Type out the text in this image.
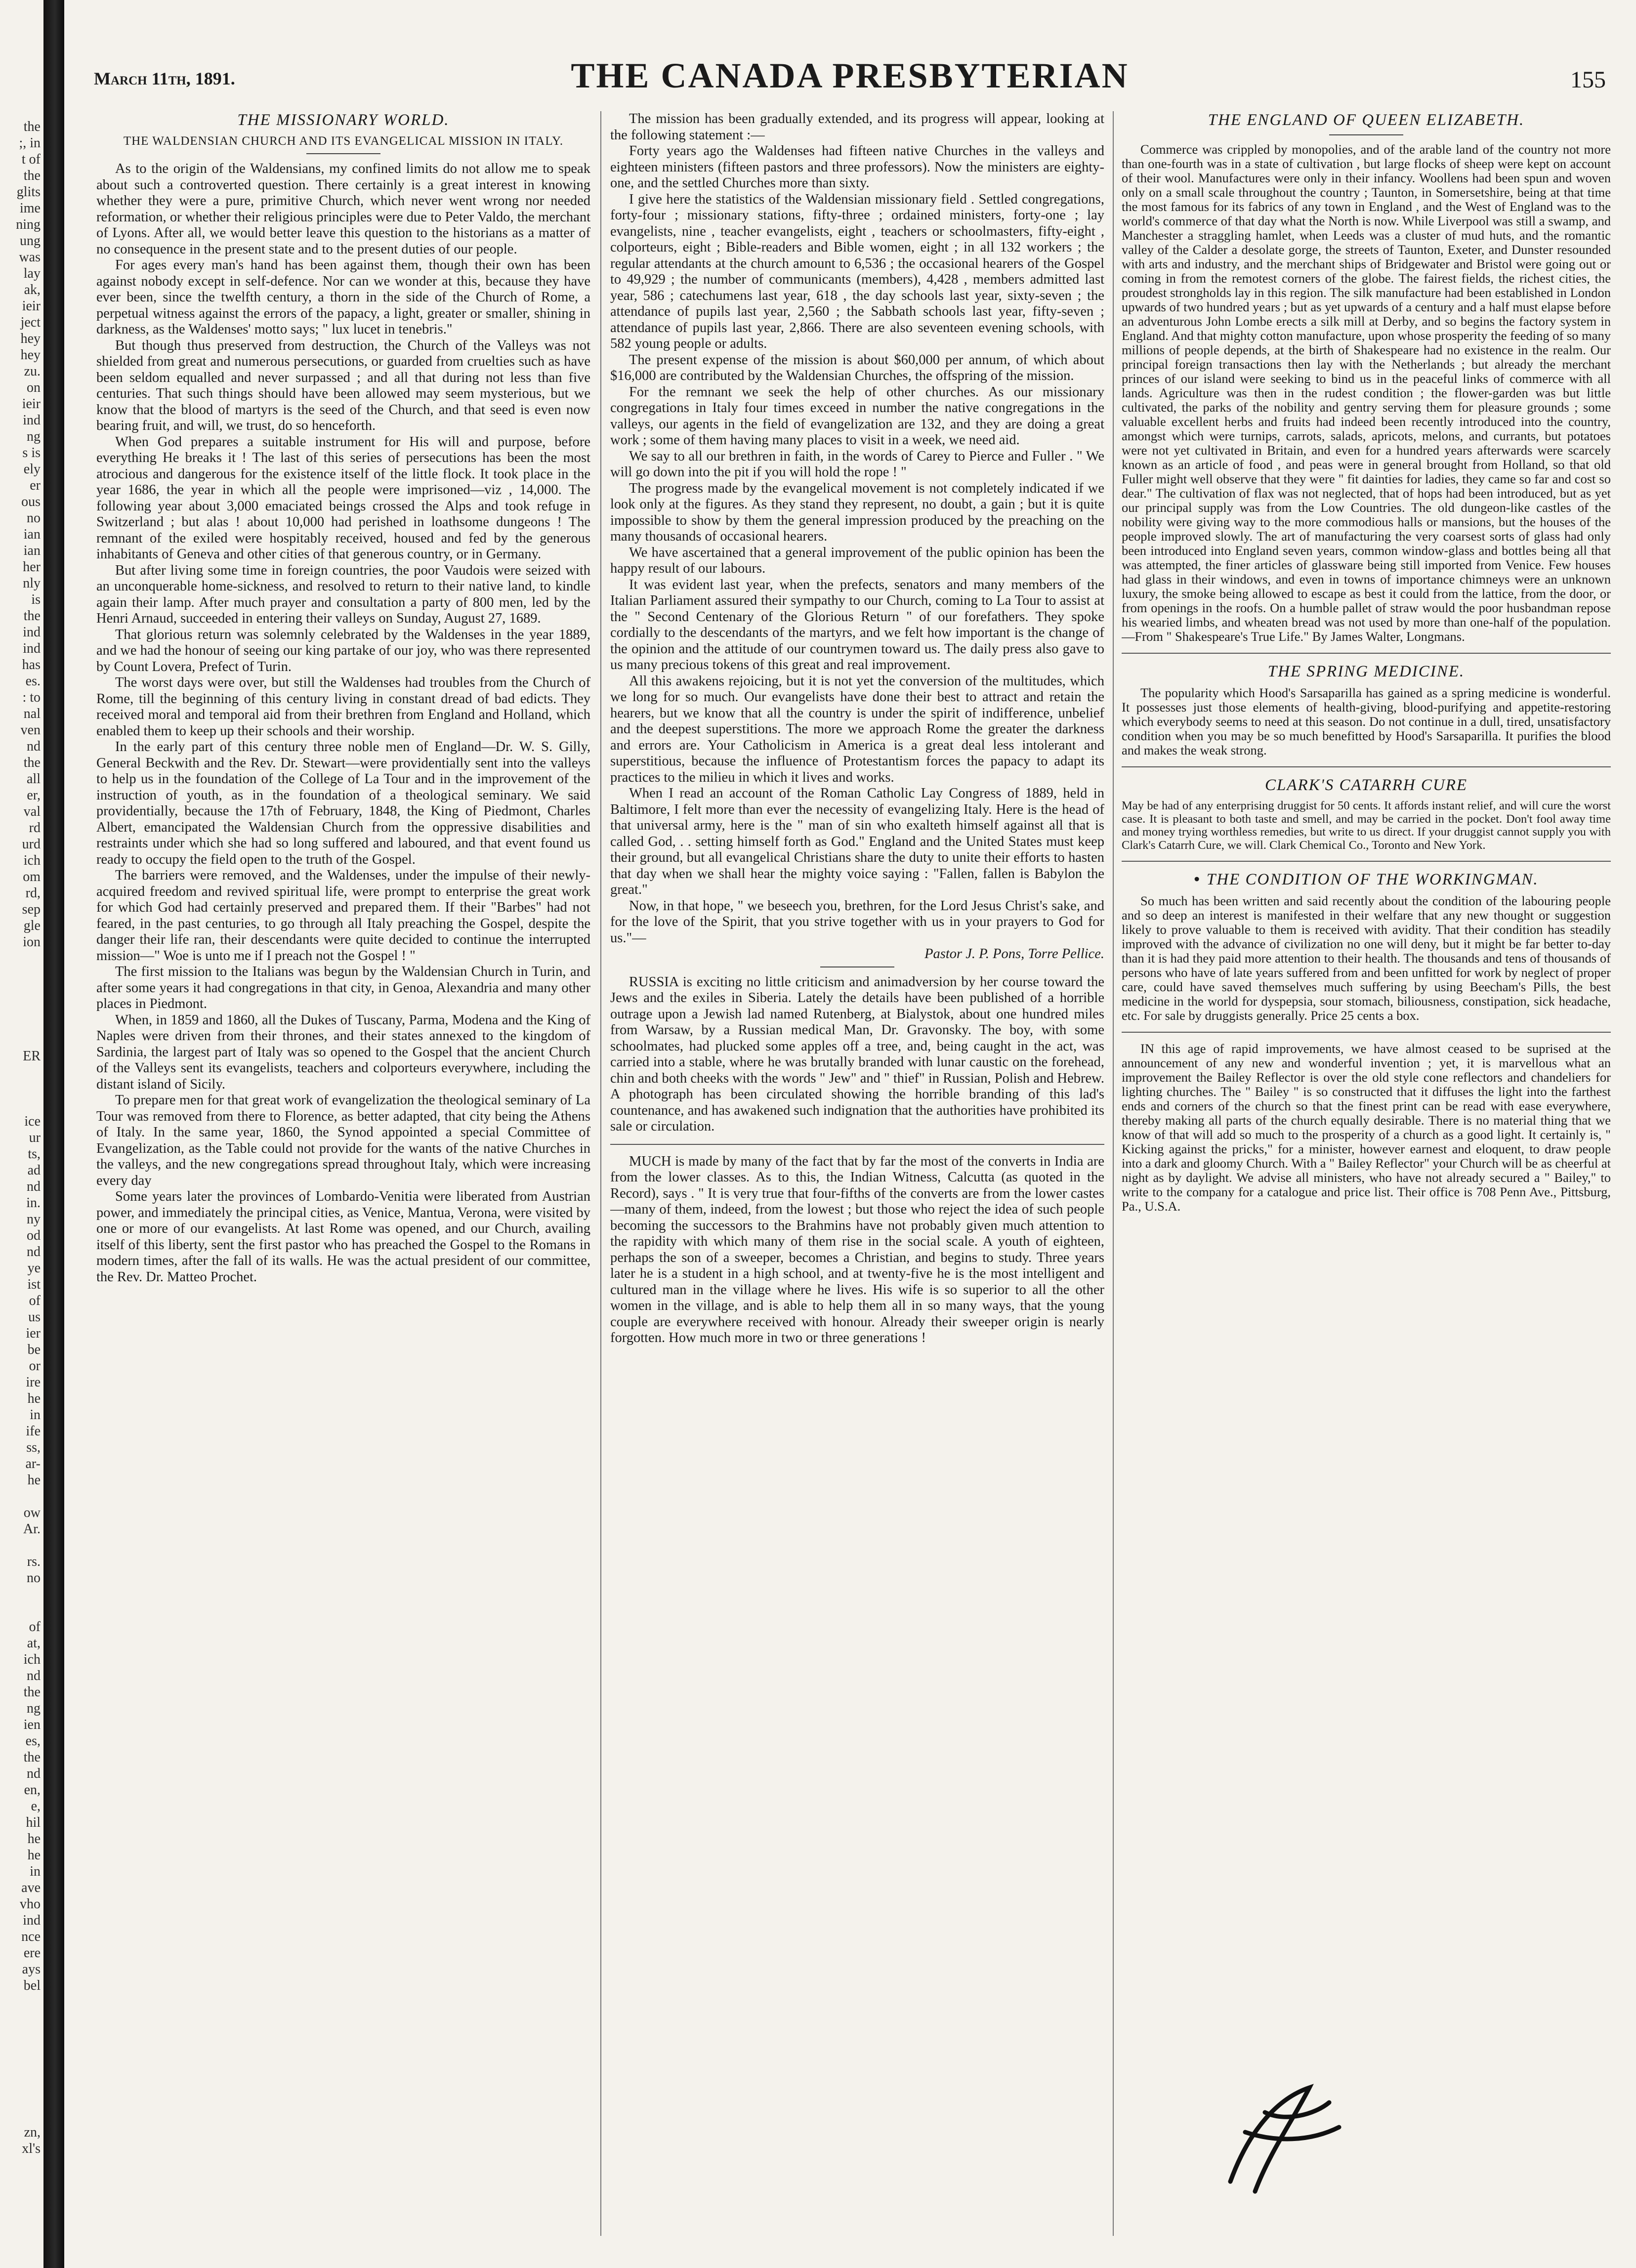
the
;, in
t of
the
glits
ime
ning
ung
was
lay
ak,
ieir
ject
hey
hey
zu.
on
ieir
ind
ng
s is
ely
er
ous
no
ian
ian
her
nly
is
the
ind
ind
has
es.
: to
nal
ven
nd
the
all
er,
val
rd
urd
ich
om
rd,
sep
gle
ion

ER

ice
ur
ts,
ad
nd
in.
ny
od
nd
ye
ist
of
us
ier
be
or
ire
he
in
ife
ss,
ar-
he

ow
Ar.

rs.
no

of
at,
ich
nd
the
ng
ien
es,
the
nd
en,
e,
hil
he
he
in
ave
vho
ind
nce
ere
ays
bel

zn,
xl's
March 11th, 1891.	THE CANADA PRESBYTERIAN	155
THE MISSIONARY WORLD.
THE WALDENSIAN CHURCH AND ITS EVANGELICAL MISSION IN ITALY.

As to the origin of the Waldensians, my confined limits do not allow me to speak about such a controverted question. There certainly is a great interest in knowing whether they were a pure, primitive Church, which never went wrong nor needed reformation, or whether their religious principles were due to Peter Valdo, the merchant of Lyons. After all, we would better leave this question to the historians as a matter of no consequence in the present state and to the present duties of our people.

For ages every man's hand has been against them, though their own has been against nobody except in self-defence. Nor can we wonder at this, because they have ever been, since the twelfth century, a thorn in the side of the Church of Rome, a perpetual witness against the errors of the papacy, a light, greater or smaller, shining in darkness, as the Waldenses' motto says; " lux lucet in tenebris."

But though thus preserved from destruction, the Church of the Valleys was not shielded from great and numerous persecutions, or guarded from cruelties such as have been seldom equalled and never surpassed ; and all that during not less than five centuries. That such things should have been allowed may seem mysterious, but we know that the blood of martyrs is the seed of the Church, and that seed is even now bearing fruit, and will, we trust, do so henceforth.

When God prepares a suitable instrument for His will and purpose, before everything He breaks it ! The last of this series of persecutions has been the most atrocious and dangerous for the existence itself of the little flock. It took place in the year 1686, the year in which all the people were imprisoned—viz , 14,000. The following year about 3,000 emaciated beings crossed the Alps and took refuge in Switzerland ; but alas ! about 10,000 had perished in loathsome dungeons ! The remnant of the exiled were hospitably received, housed and fed by the generous inhabitants of Geneva and other cities of that generous country, or in Germany.

But after living some time in foreign countries, the poor Vaudois were seized with an unconquerable home-sickness, and resolved to return to their native land, to kindle again their lamp. After much prayer and consultation a party of 800 men, led by the Henri Arnaud, succeeded in entering their valleys on Sunday, August 27, 1689.

That glorious return was solemnly celebrated by the Waldenses in the year 1889, and we had the honour of seeing our king partake of our joy, who was there represented by Count Lovera, Prefect of Turin.

The worst days were over, but still the Waldenses had troubles from the Church of Rome, till the beginning of this century living in constant dread of bad edicts. They received moral and temporal aid from their brethren from England and Holland, which enabled them to keep up their schools and their worship.

In the early part of this century three noble men of England—Dr. W. S. Gilly, General Beckwith and the Rev. Dr. Stewart—were providentially sent into the valleys to help us in the foundation of the College of La Tour and in the improvement of the instruction of youth, as in the foundation of a theological seminary. We said providentially, because the 17th of February, 1848, the King of Piedmont, Charles Albert, emancipated the Waldensian Church from the oppressive disabilities and restraints under which she had so long suffered and laboured, and that event found us ready to occupy the field open to the truth of the Gospel.

The barriers were removed, and the Waldenses, under the impulse of their newly-acquired freedom and revived spiritual life, were prompt to enterprise the great work for which God had certainly preserved and prepared them. If their "Barbes" had not feared, in the past centuries, to go through all Italy preaching the Gospel, despite the danger their life ran, their descendants were quite decided to continue the interrupted mission—" Woe is unto me if I preach not the Gospel ! "

The first mission to the Italians was begun by the Waldensian Church in Turin, and after some years it had congregations in that city, in Genoa, Alexandria and many other places in Piedmont.

When, in 1859 and 1860, all the Dukes of Tuscany, Parma, Modena and the King of Naples were driven from their thrones, and their states annexed to the kingdom of Sardinia, the largest part of Italy was so opened to the Gospel that the ancient Church of the Valleys sent its evangelists, teachers and colporteurs everywhere, including the distant island of Sicily.

To prepare men for that great work of evangelization the theological seminary of La Tour was removed from there to Florence, as better adapted, that city being the Athens of Italy. In the same year, 1860, the Synod appointed a special Committee of Evangelization, as the Table could not provide for the wants of the native Churches in the valleys, and the new congregations spread throughout Italy, which were increasing every day

Some years later the provinces of Lombardo-Venitia were liberated from Austrian power, and immediately the principal cities, as Venice, Mantua, Verona, were visited by one or more of our evangelists. At last Rome was opened, and our Church, availing itself of this liberty, sent the first pastor who has preached the Gospel to the Romans in modern times, after the fall of its walls. He was the actual president of our committee, the Rev. Dr. Matteo Prochet.

The mission has been gradually extended, and its progress will appear, looking at the following statement :—

Forty years ago the Waldenses had fifteen native Churches in the valleys and eighteen ministers (fifteen pastors and three professors). Now the ministers are eighty-one, and the settled Churches more than sixty.

I give here the statistics of the Waldensian missionary field . Settled congregations, forty-four ; missionary stations, fifty-three ; ordained ministers, forty-one ; lay evangelists, nine , teacher evangelists, eight , teachers or schoolmasters, fifty-eight , colporteurs, eight ; Bible-readers and Bible women, eight ; in all 132 workers ; the regular attendants at the church amount to 6,536 ; the occasional hearers of the Gospel to 49,929 ; the number of communicants (members), 4,428 , members admitted last year, 586 ; catechumens last year, 618 , the day schools last year, sixty-seven ; the attendance of pupils last year, 2,560 ; the Sabbath schools last year, fifty-seven ; attendance of pupils last year, 2,866. There are also seventeen evening schools, with 582 young people or adults.

The present expense of the mission is about $60,000 per annum, of which about $16,000 are contributed by the Waldensian Churches, the offspring of the mission.

For the remnant we seek the help of other churches. As our missionary congregations in Italy four times exceed in number the native congregations in the valleys, our agents in the field of evangelization are 132, and they are doing a great work ; some of them having many places to visit in a week, we need aid.

We say to all our brethren in faith, in the words of Carey to Pierce and Fuller . " We will go down into the pit if you will hold the rope ! "

The progress made by the evangelical movement is not completely indicated if we look only at the figures. As they stand they represent, no doubt, a gain ; but it is quite impossible to show by them the general impression produced by the preaching on the many thousands of occasional hearers.

We have ascertained that a general improvement of the public opinion has been the happy result of our labours.

It was evident last year, when the prefects, senators and many members of the Italian Parliament assured their sympathy to our Church, coming to La Tour to assist at the " Second Centenary of the Glorious Return " of our forefathers. They spoke cordially to the descendants of the martyrs, and we felt how important is the change of the opinion and the attitude of our countrymen toward us. The daily press also gave to us many precious tokens of this great and real improvement.

All this awakens rejoicing, but it is not yet the conversion of the multitudes, which we long for so much. Our evangelists have done their best to attract and retain the hearers, but we know that all the country is under the spirit of indifference, unbelief and the deepest superstitions. The more we approach Rome the greater the darkness and errors are. Your Catholicism in America is a great deal less intolerant and superstitious, because the influence of Protestantism forces the papacy to adapt its practices to the milieu in which it lives and works.

When I read an account of the Roman Catholic Lay Congress of 1889, held in Baltimore, I felt more than ever the necessity of evangelizing Italy. Here is the head of that universal army, here is the " man of sin who exalteth himself against all that is called God, . . setting himself forth as God." England and the United States must keep their ground, but all evangelical Christians share the duty to unite their efforts to hasten that day when we shall hear the mighty voice saying : "Fallen, fallen is Babylon the great."

Now, in that hope, " we beseech you, brethren, for the Lord Jesus Christ's sake, and for the love of the Spirit, that you strive together with us in your prayers to God for us."—

Pastor J. P. Pons, Torre Pellice.

RUSSIA is exciting no little criticism and animadversion by her course toward the Jews and the exiles in Siberia. Lately the details have been published of a horrible outrage upon a Jewish lad named Rutenberg, at Bialystok, about one hundred miles from Warsaw, by a Russian medical Man, Dr. Gravonsky. The boy, with some schoolmates, had plucked some apples off a tree, and, being caught in the act, was carried into a stable, where he was brutally branded with lunar caustic on the forehead, chin and both cheeks with the words " Jew" and " thief" in Russian, Polish and Hebrew. A photograph has been circulated showing the horrible branding of this lad's countenance, and has awakened such indignation that the authorities have prohibited its sale or circulation.

MUCH is made by many of the fact that by far the most of the converts in India are from the lower classes. As to this, the Indian Witness, Calcutta (as quoted in the Record), says . " It is very true that four-fifths of the converts are from the lower castes—many of them, indeed, from the lowest ; but those who reject the idea of such people becoming the successors to the Brahmins have not probably given much attention to the rapidity with which many of them rise in the social scale. A youth of eighteen, perhaps the son of a sweeper, becomes a Christian, and begins to study. Three years later he is a student in a high school, and at twenty-five he is the most intelligent and cultured man in the village where he lives. His wife is so superior to all the other women in the village, and is able to help them all in so many ways, that the young couple are everywhere received with honour. Already their sweeper origin is nearly forgotten. How much more in two or three generations !

THE ENGLAND OF QUEEN ELIZABETH.

Commerce was crippled by monopolies, and of the arable land of the country not more than one-fourth was in a state of cultivation , but large flocks of sheep were kept on account of their wool. Manufactures were only in their infancy. Woollens had been spun and woven only on a small scale throughout the country ; Taunton, in Somersetshire, being at that time the most famous for its fabrics of any town in England , and the West of England was to the world's commerce of that day what the North is now. While Liverpool was still a swamp, and Manchester a straggling hamlet, when Leeds was a cluster of mud huts, and the romantic valley of the Calder a desolate gorge, the streets of Taunton, Exeter, and Dunster resounded with arts and industry, and the merchant ships of Bridgewater and Bristol were going out or coming in from the remotest corners of the globe. The fairest fields, the richest cities, the proudest strongholds lay in this region. The silk manufacture had been established in London upwards of two hundred years ; but as yet upwards of a century and a half must elapse before an adventurous John Lombe erects a silk mill at Derby, and so begins the factory system in England. And that mighty cotton manufacture, upon whose prosperity the feeding of so many millions of people depends, at the birth of Shakespeare had no existence in the realm. Our principal foreign transactions then lay with the Netherlands ; but already the merchant princes of our island were seeking to bind us in the peaceful links of commerce with all lands. Agriculture was then in the rudest condition ; the flower-garden was but little cultivated, the parks of the nobility and gentry serving them for pleasure grounds ; some valuable excellent herbs and fruits had indeed been recently introduced into the country, amongst which were turnips, carrots, salads, apricots, melons, and currants, but potatoes were not yet cultivated in Britain, and even for a hundred years afterwards were scarcely known as an article of food , and peas were in general brought from Holland, so that old Fuller might well observe that they were " fit dainties for ladies, they came so far and cost so dear." The cultivation of flax was not neglected, that of hops had been introduced, but as yet our principal supply was from the Low Countries. The old dungeon-like castles of the nobility were giving way to the more commodious halls or mansions, but the houses of the people improved slowly. The art of manufacturing the very coarsest sorts of glass had only been introduced into England seven years, common window-glass and bottles being all that was attempted, the finer articles of glassware being still imported from Venice. Few houses had glass in their windows, and even in towns of importance chimneys were an unknown luxury, the smoke being allowed to escape as best it could from the lattice, from the door, or from openings in the roofs. On a humble pallet of straw would the poor husbandman repose his wearied limbs, and wheaten bread was not used by more than one-half of the population.—From " Shakespeare's True Life." By James Walter, Longmans.

THE SPRING MEDICINE.

The popularity which Hood's Sarsaparilla has gained as a spring medicine is wonderful. It possesses just those elements of health-giving, blood-purifying and appetite-restoring which everybody seems to need at this season. Do not continue in a dull, tired, unsatisfactory condition when you may be so much benefitted by Hood's Sarsaparilla. It purifies the blood and makes the weak strong.

CLARK'S CATARRH CURE

May be had of any enterprising druggist for 50 cents. It affords instant relief, and will cure the worst case. It is pleasant to both taste and smell, and may be carried in the pocket. Don't fool away time and money trying worthless remedies, but write to us direct. If your druggist cannot supply you with Clark's Catarrh Cure, we will. Clark Chemical Co., Toronto and New York.

• THE CONDITION OF THE WORKINGMAN.

So much has been written and said recently about the condition of the labouring people and so deep an interest is manifested in their welfare that any new thought or suggestion likely to prove valuable to them is received with avidity. That their condition has steadily improved with the advance of civilization no one will deny, but it might be far better to-day than it is had they paid more attention to their health. The thousands and tens of thousands of persons who have of late years suffered from and been unfitted for work by neglect of proper care, could have saved themselves much suffering by using Beecham's Pills, the best medicine in the world for dyspepsia, sour stomach, biliousness, constipation, sick headache, etc. For sale by druggists generally. Price 25 cents a box.

IN this age of rapid improvements, we have almost ceased to be suprised at the announcement of any new and wonderful invention ; yet, it is marvellous what an improvement the Bailey Reflector is over the old style cone reflectors and chandeliers for lighting churches. The " Bailey " is so constructed that it diffuses the light into the farthest ends and corners of the church so that the finest print can be read with ease everywhere, thereby making all parts of the church equally desirable. There is no material thing that we know of that will add so much to the prosperity of a church as a good light. It certainly is, " Kicking against the pricks," for a minister, however earnest and eloquent, to draw people into a dark and gloomy Church. With a " Bailey Reflector" your Church will be as cheerful at night as by daylight. We advise all ministers, who have not already secured a " Bailey," to write to the company for a catalogue and price list. Their office is 708 Penn Ave., Pittsburg, Pa., U.S.A.
